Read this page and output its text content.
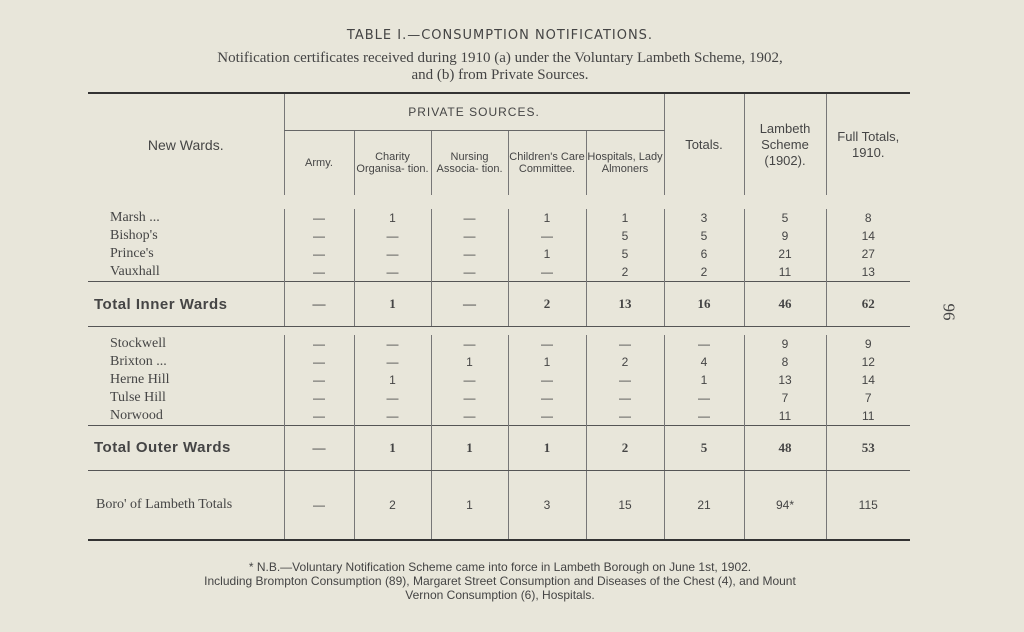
TABLE I.—CONSUMPTION NOTIFICATIONS.
Notification certificates received during 1910 (a) under the Voluntary Lambeth Scheme, 1902,
and (b) from Private Sources.
New Wards.	PRIVATE SOURCES.					Totals.	Lambeth Scheme (1902).	Full Totals, 1910.
	Army.	Charity Organisa- tion.	Nursing Associa- tion.	Children's Care Committee.	Hospitals, Lady Almoners			

Marsh ...	—	1	—	1	1	3	5	8
Bishop's	—	—	—	—	5	5	9	14
Prince's	—	—	—	1	5	6	21	27
Vauxhall	—	—	—	—	2	2	11	13
Total Inner Wards	—	1	—	2	13	16	46	62

Stockwell	—	—	—	—	—	—	9	9
Brixton ...	—	—	1	1	2	4	8	12
Herne Hill	—	1	—	—	—	1	13	14
Tulse Hill	—	—	—	—	—	—	7	7
Norwood	—	—	—	—	—	—	11	11
Total Outer Wards	—	1	1	1	2	5	48	53
Boro' of Lambeth Totals	—	2	1	3	15	21	94*	115
96
* N.B.—Voluntary Notification Scheme came into force in Lambeth Borough on June 1st, 1902.
Including Brompton Consumption (89), Margaret Street Consumption and Diseases of the Chest (4), and Mount
Vernon Consumption (6), Hospitals.
